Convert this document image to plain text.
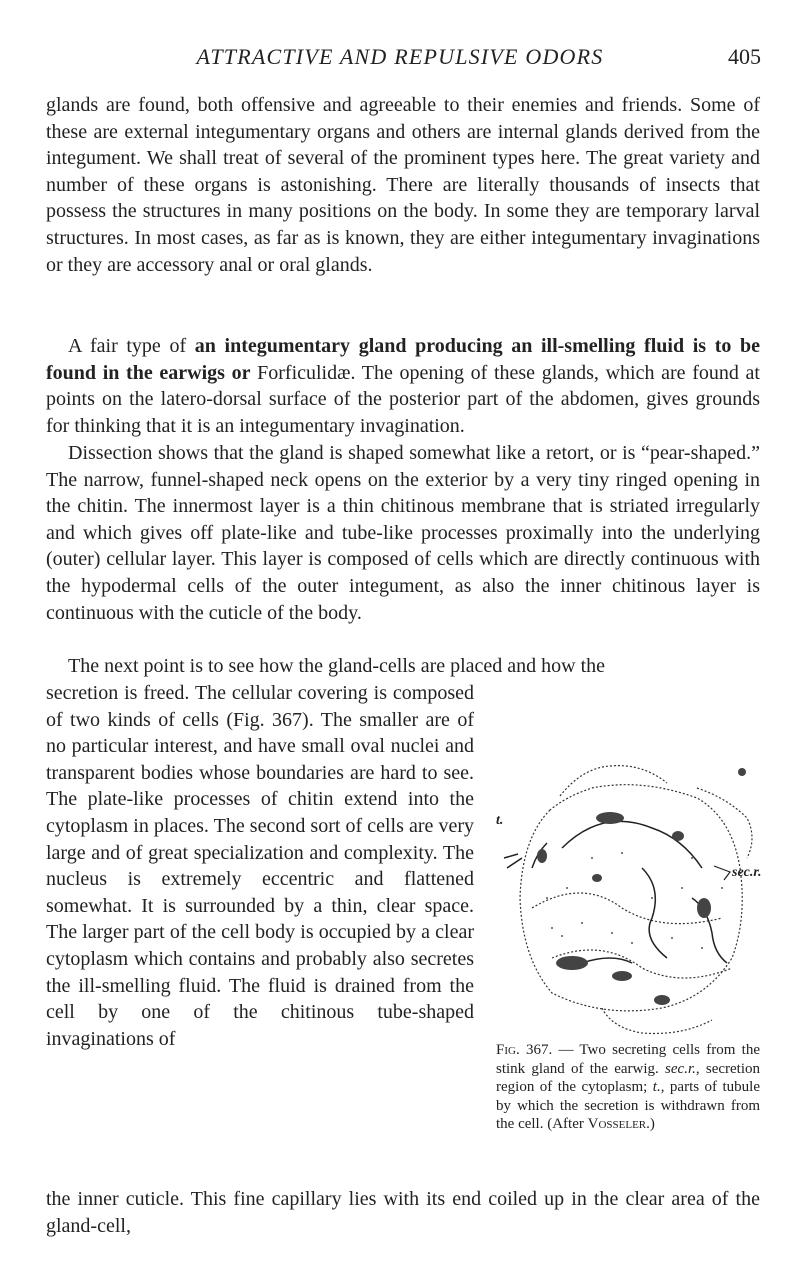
ATTRACTIVE AND REPULSIVE ODORS	405

glands are found, both offensive and agreeable to their enemies and friends. Some of these are external integumentary organs and others are internal glands derived from the integument. We shall treat of several of the prominent types here. The great variety and number of these organs is astonishing. There are literally thousands of insects that possess the structures in many positions on the body. In some they are temporary larval structures. In most cases, as far as is known, they are either integumentary invaginations or they are accessory anal or oral glands.

A fair type of an integumentary gland producing an ill-smelling fluid is to be found in the earwigs or Forficulidæ. The opening of these glands, which are found at points on the latero-dorsal surface of the posterior part of the abdomen, gives grounds for thinking that it is an integumentary invagination.

Dissection shows that the gland is shaped somewhat like a retort, or is “pear-shaped.” The narrow, funnel-shaped neck opens on the exterior by a very tiny ringed opening in the chitin. The innermost layer is a thin chitinous membrane that is striated irregularly and which gives off plate-like and tube-like processes proximally into the underlying (outer) cellular layer. This layer is composed of cells which are directly continuous with the hypodermal cells of the outer integument, as also the inner chitinous layer is continuous with the cuticle of the body.

The next point is to see how the gland-cells are placed and how the

secretion is freed. The cellular covering is composed of two kinds of cells (Fig. 367). The smaller are of no particular interest, and have small oval nuclei and transparent bodies whose boundaries are hard to see. The plate-like processes of chitin extend into the cytoplasm in places. The second sort of cells are very large and of great specialization and complexity. The nucleus is extremely eccentric and flattened somewhat. It is surrounded by a thin, clear space. The larger part of the cell body is occupied by a clear cytoplasm which contains and probably also secretes the ill-smelling fluid. The fluid is drained from the cell by one of the chitinous tube-shaped invaginations of

the inner cuticle. This fine capillary lies with its end coiled up in the clear area of the gland-cell,

t.
sec.r.
Fig. 367. — Two secreting cells from the stink gland of the earwig. sec.r., secretion region of the cytoplasm; t., parts of tubule by which the secretion is withdrawn from the cell. (After Vosseler.)
